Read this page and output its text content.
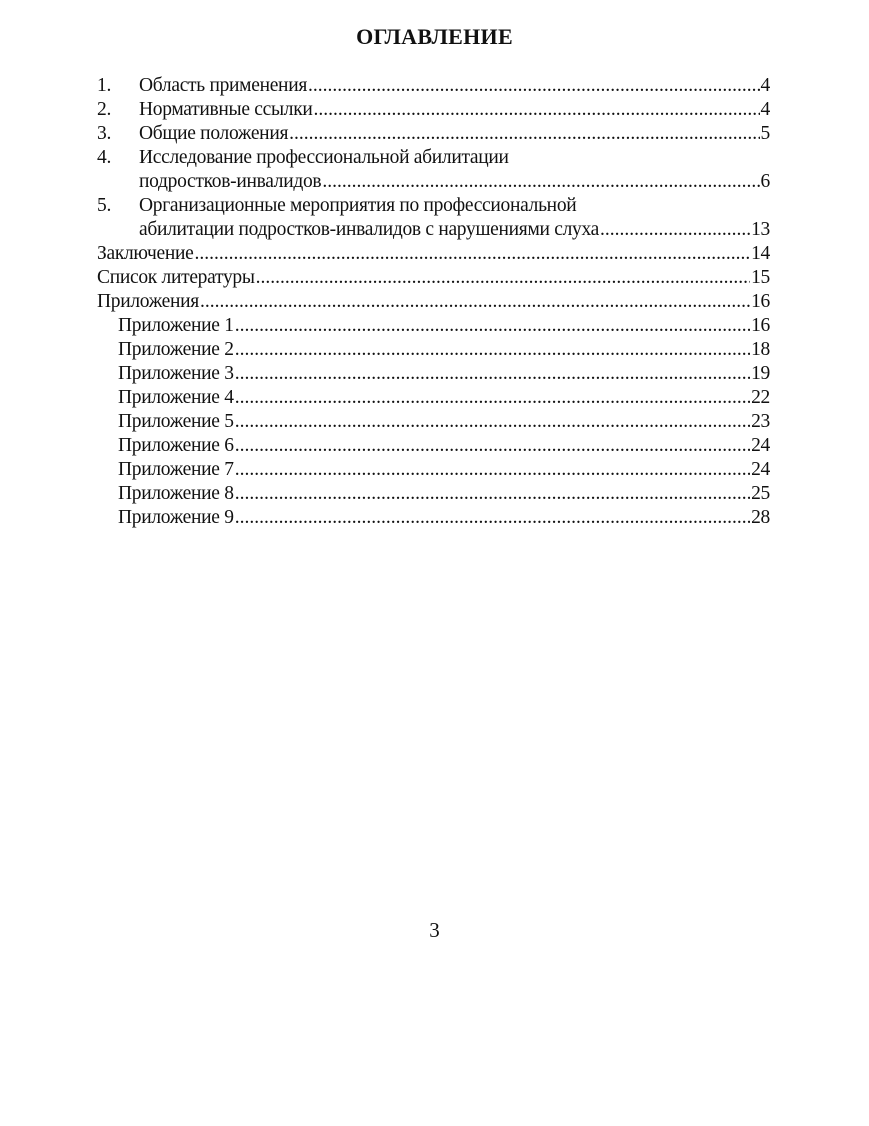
ОГЛАВЛЕНИЕ
1.	Область применения .....	4
2.	Нормативные ссылки .....	4
3.	Общие положения .....	5
4.	Исследование профессиональной абилитации
подростков-инвалидов .....	6
5.	Организационные мероприятия по профессиональной
абилитации подростков-инвалидов с нарушениями слуха .....	13
Заключение .....	14
Список литературы .....	15
Приложения .....	16
Приложение 1 .....	16
Приложение 2 .....	18
Приложение 3 .....	19
Приложение 4 .....	22
Приложение 5 .....	23
Приложение 6 .....	24
Приложение 7 .....	24
Приложение 8 .....	25
Приложение 9 .....	28
3
